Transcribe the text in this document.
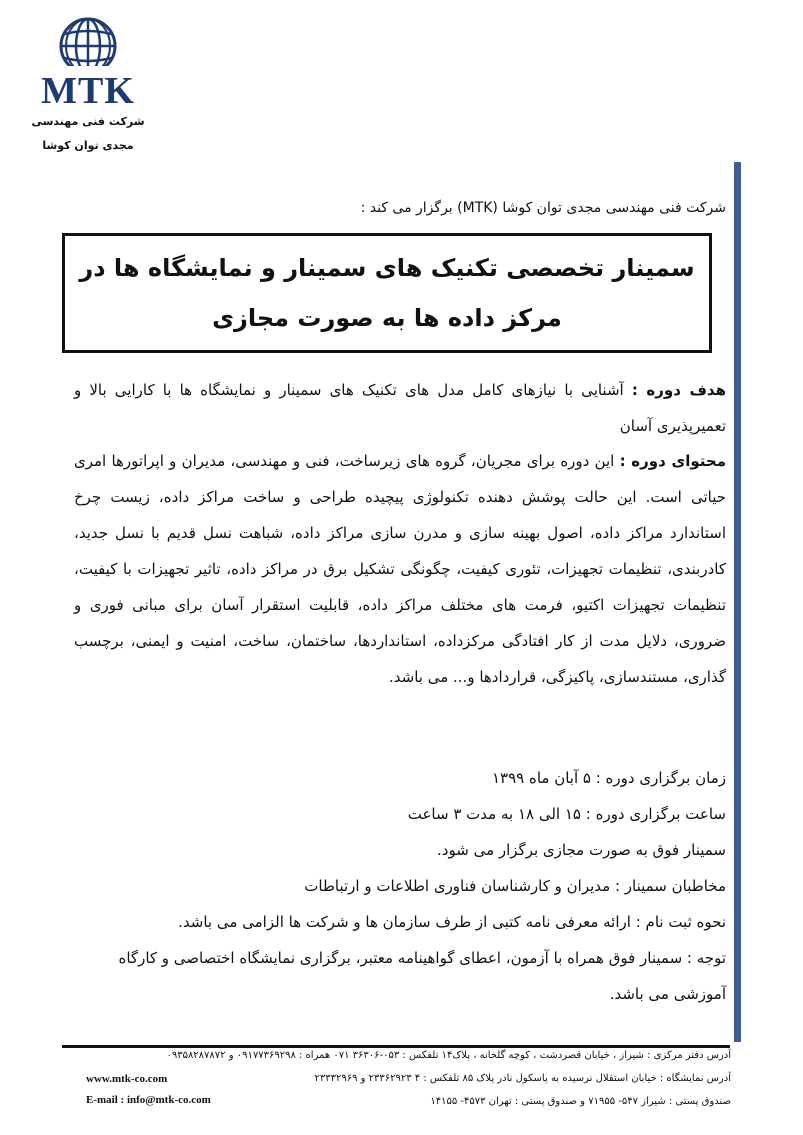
MTK
شرکت فنی مهندسی
مجدی توان کوشا
شرکت فنی مهندسی مجدی توان کوشا (MTK) برگزار می کند :
سمینار تخصصی تکنیک های سمینار و نمایشگاه ها در
مرکز داده ها به صورت مجازی
هدف دوره : آشنایی با نیازهای کامل مدل های تکنیک های سمینار و نمایشگاه ها با کارایی بالا و تعمیرپذیری آسان
محتوای دوره : این دوره برای مجریان، گروه های زیرساخت، فنی و مهندسی، مدیران و اپراتورها امری حیاتی است. این حالت پوشش دهنده تکنولوژی پیچیده طراحی و ساخت مراکز داده، زیست چرخ استاندارد مراکز داده، اصول بهینه سازی و مدرن سازی مراکز داده، شباهت نسل قدیم با نسل جدید، کادربندی، تنظیمات تجهیزات، تئوری کیفیت، چگونگی تشکیل برق در مراکز داده، تاثیر تجهیزات با کیفیت، تنظیمات تجهیزات اکتیو، فرمت های مختلف مراکز داده، قابلیت استقرار آسان برای مبانی فوری و ضروری، دلایل مدت از کار افتادگی مرکزداده، استانداردها، ساختمان، ساخت، امنیت و ایمنی، برچسب گذاری، مستندسازی، پاکیزگی، قراردادها و... می باشد.
زمان برگزاری دوره : ۵ آبان ماه ۱۳۹۹
ساعت برگزاری دوره : ۱۵ الی ۱۸ به مدت ۳ ساعت
سمینار فوق به صورت مجازی برگزار می شود.
مخاطبان سمینار : مدیران و کارشناسان فناوری اطلاعات و ارتباطات
نحوه ثبت نام : ارائه معرفی نامه کتبی از طرف سازمان ها و شرکت ها الزامی می باشد.
توجه : سمینار فوق همراه با آزمون، اعطای گواهینامه معتبر، برگزاری نمایشگاه اختصاصی و کارگاه آموزشی می باشد.
آدرس دفتر مرکزی : شیراز ، خیابان قصردشت ، کوچه گلخانه ، پلاک۱۴ تلفکس : ۰۵۳-۳۶۳۰۶ ۰۷۱ همراه : ۰۹۱۷۷۳۶۹۲۹۸ و ۰۹۳۵۸۲۸۷۸۷۲
آدرس نمایشگاه : خیابان استقلال نرسیده به پاسکول نادر پلاک ۸۵ تلفکس : ۴ ۲۳۳۶۲۹۲۳ و ۲۳۳۳۲۹۶۹
صندوق پستی : شیراز ۵۴۷- ۷۱۹۵۵ و صندوق پستی : تهران ۴۵۷۳- ۱۴۱۵۵
www.mtk-co.com
E-mail : info@mtk-co.com
